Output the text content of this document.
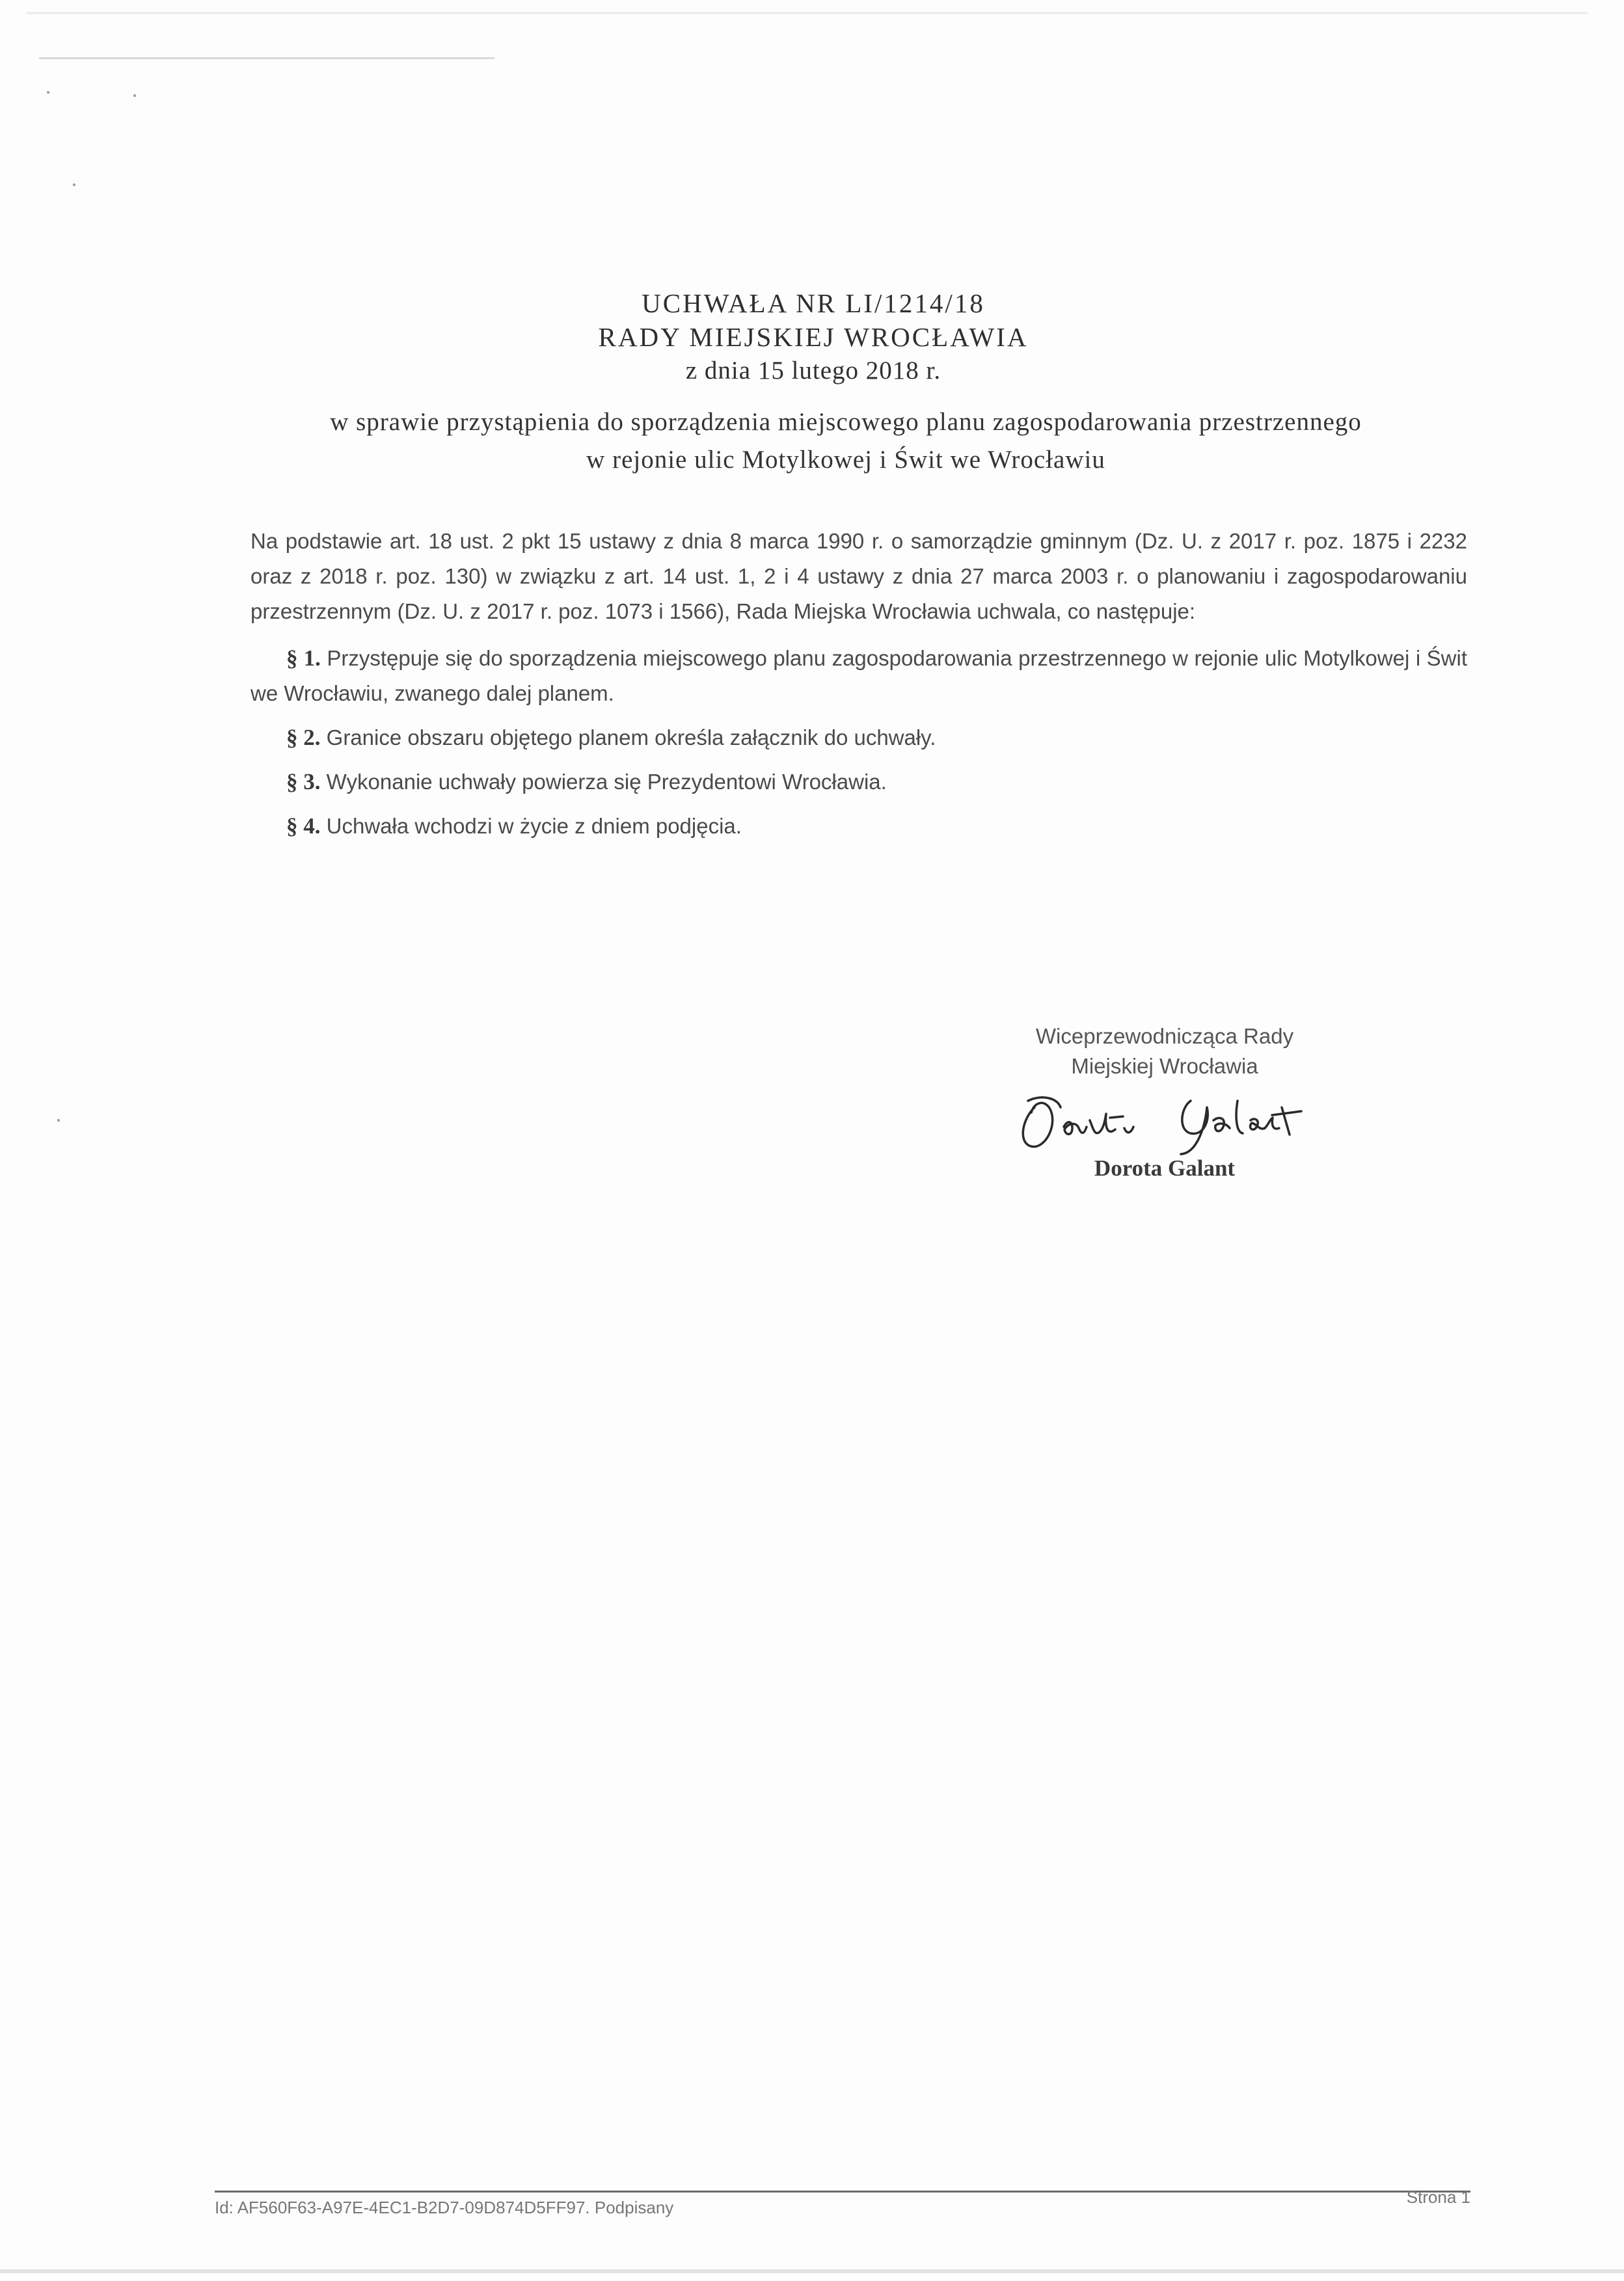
UCHWAŁA NR LI/1214/18
RADY MIEJSKIEJ WROCŁAWIA
z dnia 15 lutego 2018 r.
w sprawie przystąpienia do sporządzenia miejscowego planu zagospodarowania przestrzennego
w rejonie ulic Motylkowej i Świt we Wrocławiu

Na podstawie art. 18 ust. 2 pkt 15 ustawy z dnia 8 marca 1990 r. o samorządzie gminnym (Dz. U. z 2017 r. poz. 1875 i 2232 oraz z 2018 r. poz. 130) w związku z art. 14 ust. 1, 2 i 4 ustawy z dnia 27 marca 2003 r. o planowaniu i zagospodarowaniu przestrzennym (Dz. U. z 2017 r. poz. 1073 i 1566), Rada Miejska Wrocławia uchwala, co następuje:

§ 1. Przystępuje się do sporządzenia miejscowego planu zagospodarowania przestrzennego w rejonie ulic Motylkowej i Świt we Wrocławiu, zwanego dalej planem.

§ 2. Granice obszaru objętego planem określa załącznik do uchwały.

§ 3. Wykonanie uchwały powierza się Prezydentowi Wrocławia.

§ 4. Uchwała wchodzi w życie z dniem podjęcia.

Wiceprzewodnicząca Rady
Miejskiej Wrocławia
Dorota Galant
Id: AF560F63-A97E-4EC1-B2D7-09D874D5FF97. Podpisany
Strona 1
